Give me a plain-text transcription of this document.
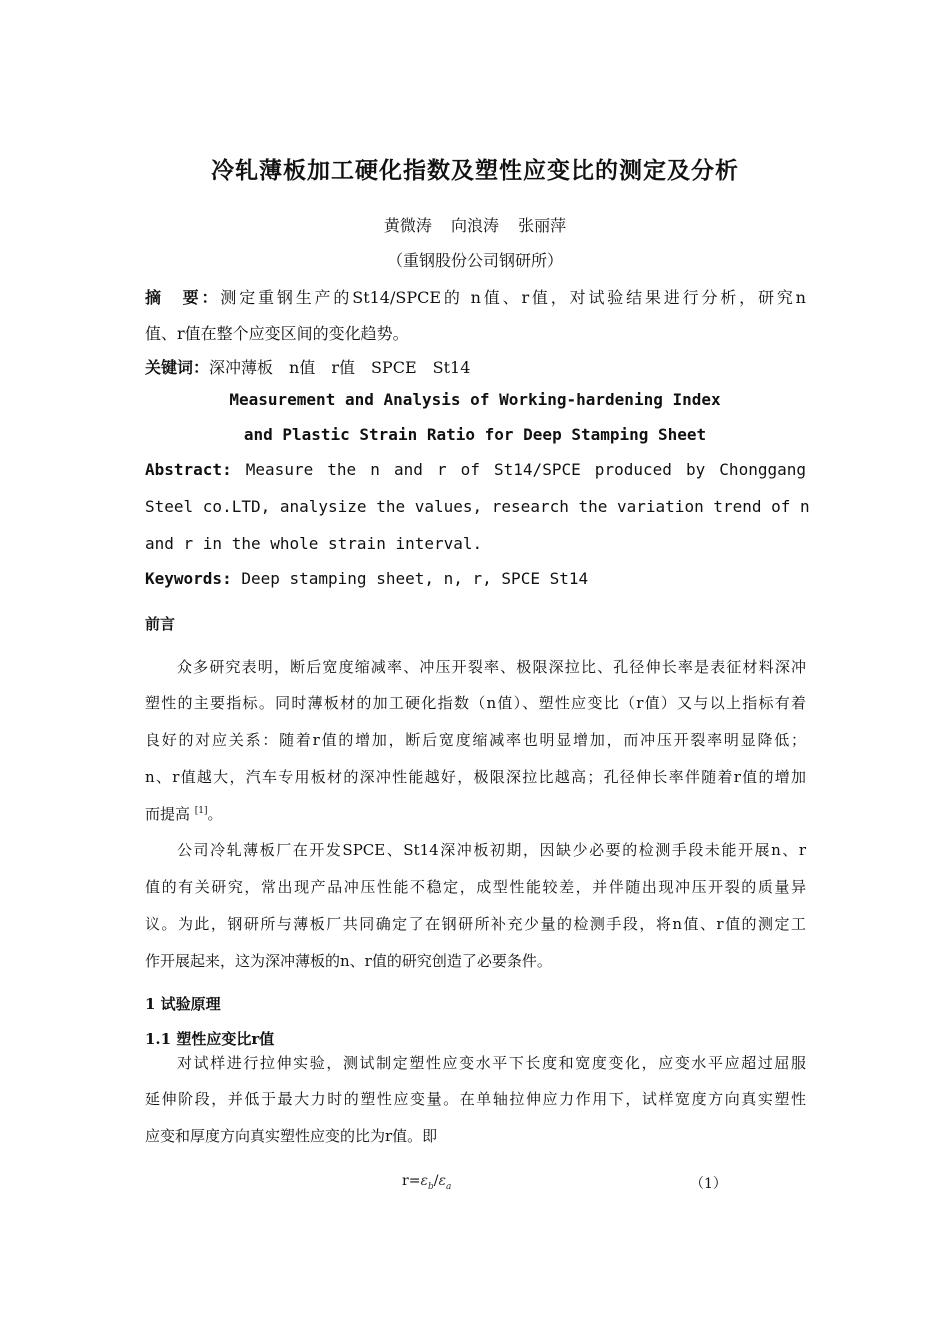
冷轧薄板加工硬化指数及塑性应变比的测定及分析
黄微涛 向浪涛 张丽萍
（重钢股份公司钢研所）
摘　要：测定重钢生产的St14/SPCE的 n值、r值，对试验结果进行分析，研究n
值、r值在整个应变区间的变化趋势。
关键词：深冲薄板　n值　r值　SPCE　St14
Measurement and Analysis of Working-hardening Index
and Plastic Strain Ratio for Deep Stamping Sheet
Abstract: Measure the n and r of St14/SPCE produced by Chonggang
Steel co.LTD, analysize the values, research the variation trend of n
and r in the whole strain interval.
Keywords: Deep stamping sheet, n, r, SPCE St14
前言
众多研究表明，断后宽度缩减率、冲压开裂率、极限深拉比、孔径伸长率是表征材料深冲
塑性的主要指标。同时薄板材的加工硬化指数（n值）、塑性应变比（r值）又与以上指标有着
良好的对应关系：随着r值的增加，断后宽度缩减率也明显增加，而冲压开裂率明显降低；
n、r值越大，汽车专用板材的深冲性能越好，极限深拉比越高；孔径伸长率伴随着r值的增加
而提高 [1]。
公司冷轧薄板厂在开发SPCE、St14深冲板初期，因缺少必要的检测手段未能开展n、r
值的有关研究，常出现产品冲压性能不稳定，成型性能较差，并伴随出现冲压开裂的质量异
议。为此，钢研所与薄板厂共同确定了在钢研所补充少量的检测手段，将n值、r值的测定工
作开展起来，这为深冲薄板的n、r值的研究创造了必要条件。
1 试验原理
1.1 塑性应变比r值
对试样进行拉伸实验，测试制定塑性应变水平下长度和宽度变化，应变水平应超过屈服
延伸阶段，并低于最大力时的塑性应变量。在单轴拉伸应力作用下，试样宽度方向真实塑性
应变和厚度方向真实塑性应变的比为r值。即
$r=\varepsilon_b/\varepsilon_a$	（1）
